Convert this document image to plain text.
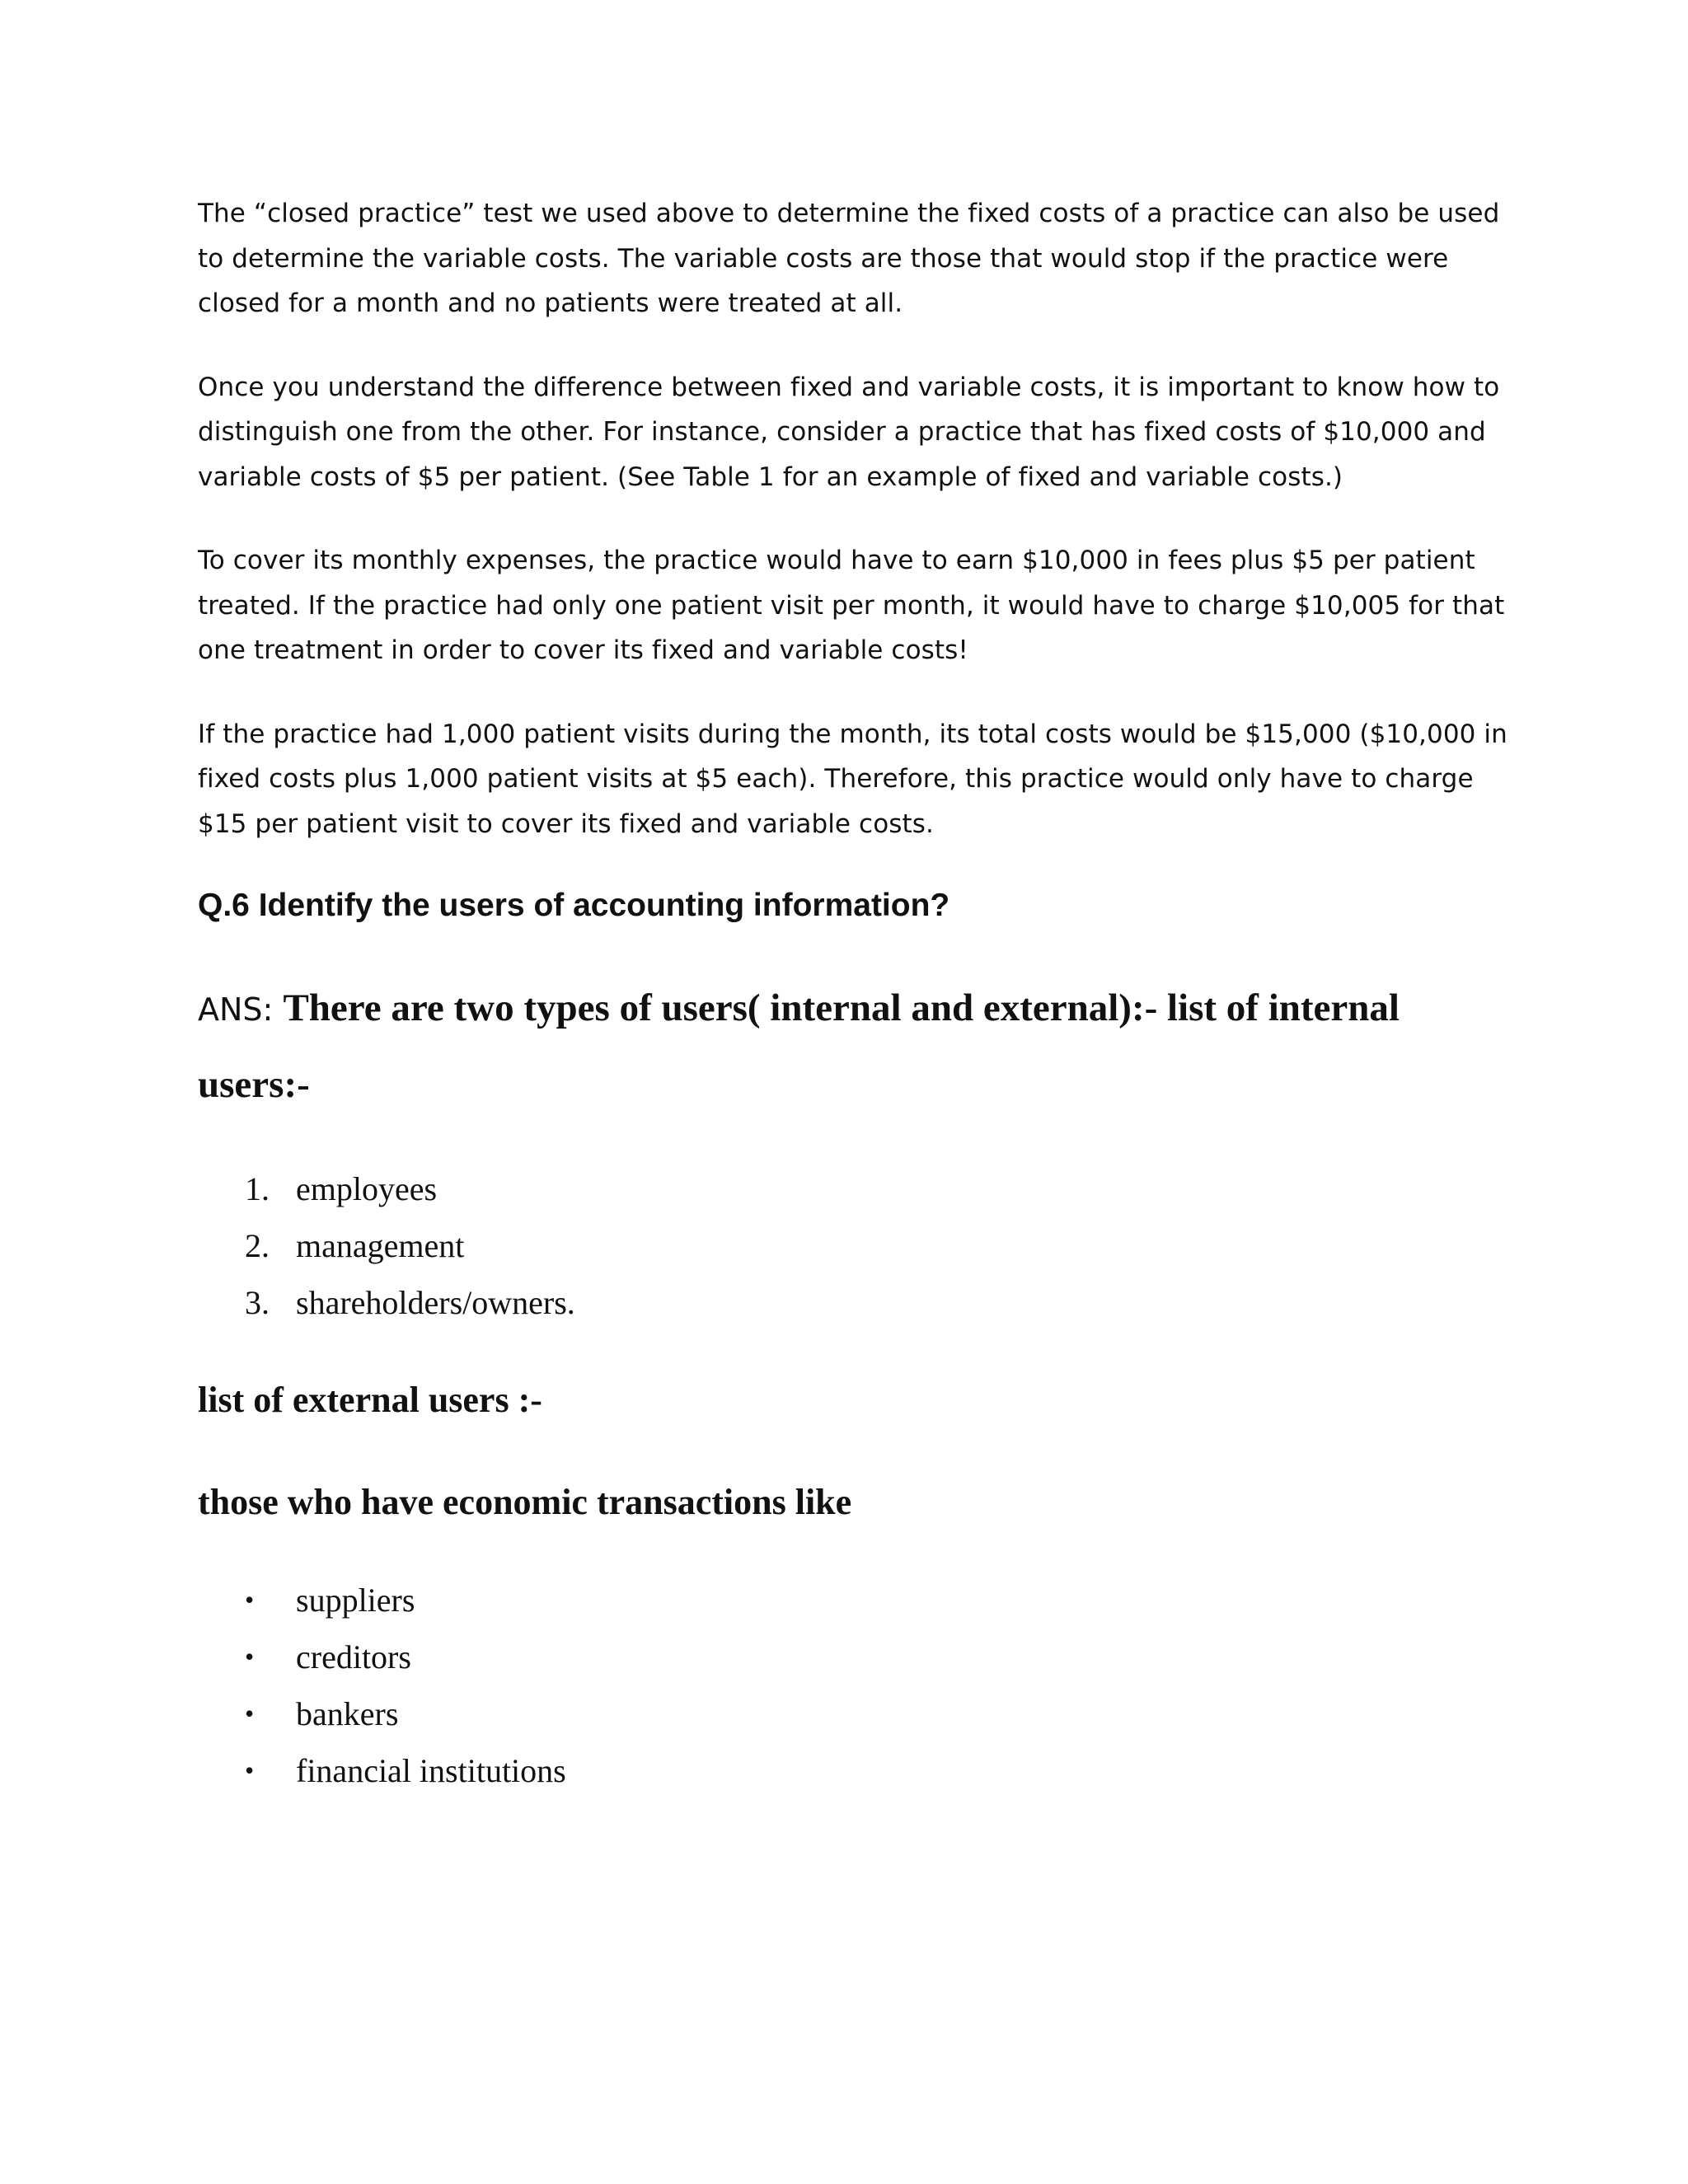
The “closed practice” test we used above to determine the fixed costs of a practice can also be used to determine the variable costs. The variable costs are those that would stop if the practice were closed for a month and no patients were treated at all.

Once you understand the difference between fixed and variable costs, it is important to know how to distinguish one from the other. For instance, consider a practice that has fixed costs of $10,000 and variable costs of $5 per patient. (See Table 1 for an example of fixed and variable costs.)

To cover its monthly expenses, the practice would have to earn $10,000 in fees plus $5 per patient treated. If the practice had only one patient visit per month, it would have to charge $10,005 for that one treatment in order to cover its fixed and variable costs!

If the practice had 1,000 patient visits during the month, its total costs would be $15,000 ($10,000 in fixed costs plus 1,000 patient visits at $5 each). Therefore, this practice would only have to charge $15 per patient visit to cover its fixed and variable costs.

Q.6 Identify the users of accounting information?

ANS: There are two types of users( internal and external):- list of internal users:-

1. employees
2. management
3. shareholders/owners.
list of external users :-
those who have economic transactions like
• suppliers
• creditors
• bankers
• financial institutions
